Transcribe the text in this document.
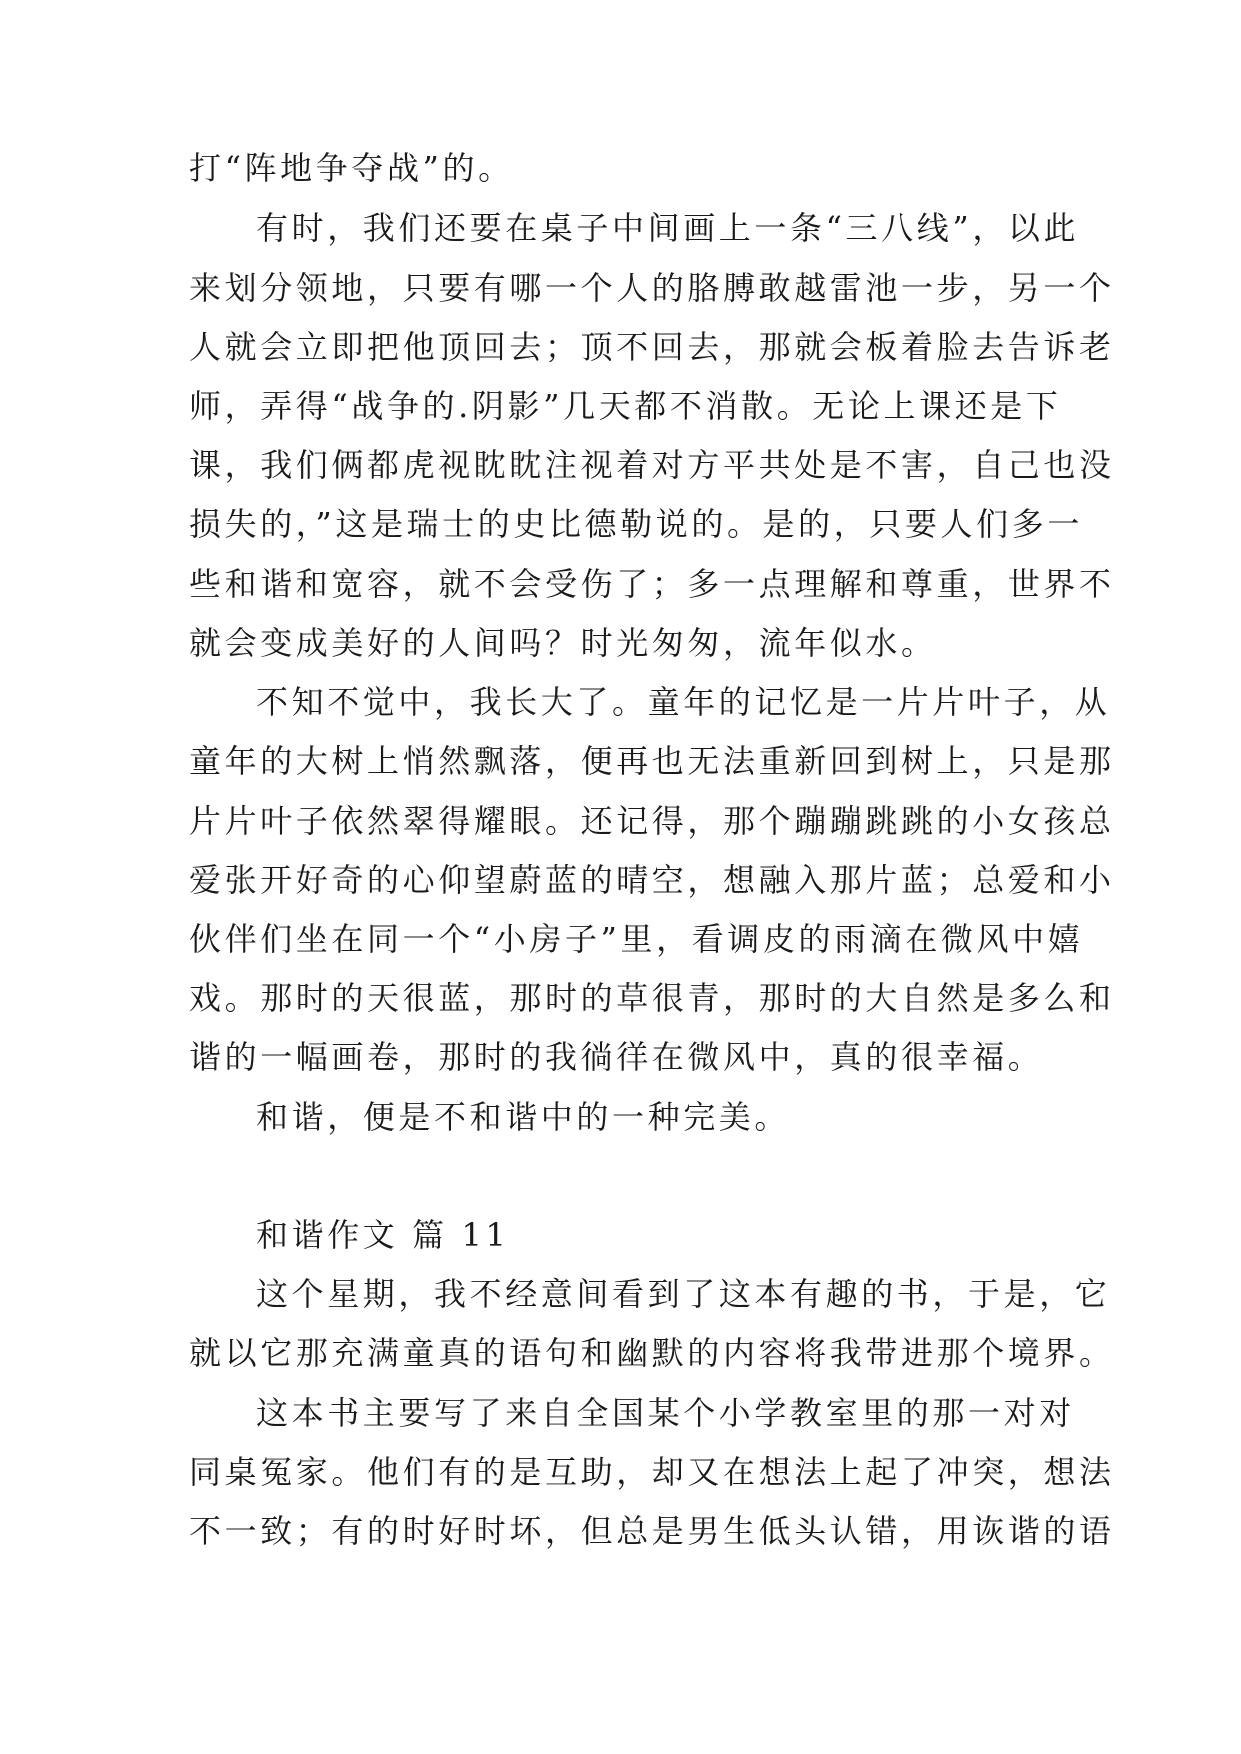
打“阵地争夺战”的。
有时，我们还要在桌子中间画上一条“三八线”，以此
来划分领地，只要有哪一个人的胳膊敢越雷池一步，另一个
人就会立即把他顶回去；顶不回去，那就会板着脸去告诉老
师，弄得“战争的.阴影”几天都不消散。无论上课还是下
课，我们俩都虎视眈眈注视着对方平共处是不害，自己也没
损失的，”这是瑞士的史比德勒说的。是的，只要人们多一
些和谐和宽容，就不会受伤了；多一点理解和尊重，世界不
就会变成美好的人间吗？时光匆匆，流年似水。
不知不觉中，我长大了。童年的记忆是一片片叶子，从
童年的大树上悄然飘落，便再也无法重新回到树上，只是那
片片叶子依然翠得耀眼。还记得，那个蹦蹦跳跳的小女孩总
爱张开好奇的心仰望蔚蓝的晴空，想融入那片蓝；总爱和小
伙伴们坐在同一个“小房子”里，看调皮的雨滴在微风中嬉
戏。那时的天很蓝，那时的草很青，那时的大自然是多么和
谐的一幅画卷，那时的我徜徉在微风中，真的很幸福。
和谐，便是不和谐中的一种完美。
和谐作文 篇 11
这个星期，我不经意间看到了这本有趣的书，于是，它
就以它那充满童真的语句和幽默的内容将我带进那个境界。
这本书主要写了来自全国某个小学教室里的那一对对
同桌冤家。他们有的是互助，却又在想法上起了冲突，想法
不一致；有的时好时坏，但总是男生低头认错，用诙谐的语
